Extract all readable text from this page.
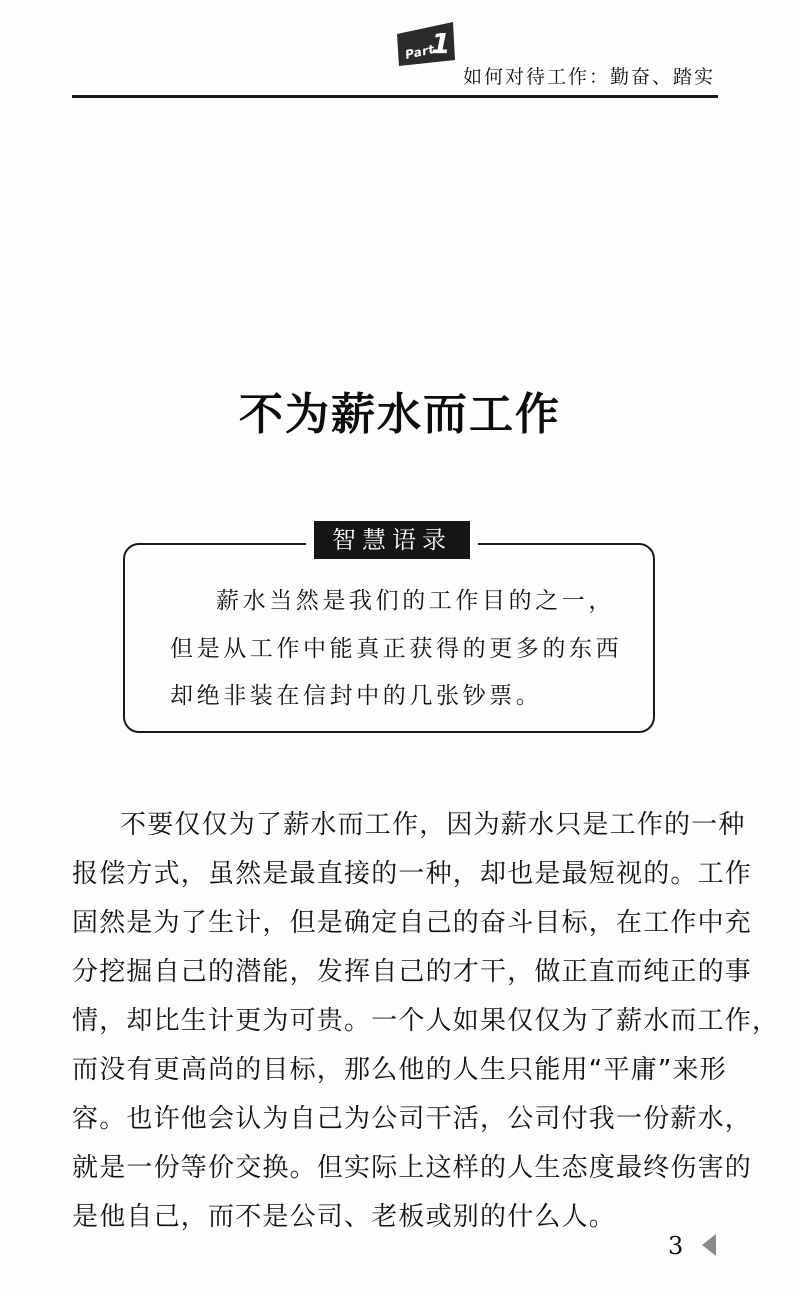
Part
1
如何对待工作：勤奋、踏实
不为薪水而工作
智慧语录
薪水当然是我们的工作目的之一，
但是从工作中能真正获得的更多的东西
却绝非装在信封中的几张钞票。
不要仅仅为了薪水而工作，因为薪水只是工作的一种
报偿方式，虽然是最直接的一种，却也是最短视的。工作
固然是为了生计，但是确定自己的奋斗目标，在工作中充
分挖掘自己的潜能，发挥自己的才干，做正直而纯正的事
情，却比生计更为可贵。一个人如果仅仅为了薪水而工作，
而没有更高尚的目标，那么他的人生只能用“平庸”来形
容。也许他会认为自己为公司干活，公司付我一份薪水，
就是一份等价交换。但实际上这样的人生态度最终伤害的
是他自己，而不是公司、老板或别的什么人。
3
